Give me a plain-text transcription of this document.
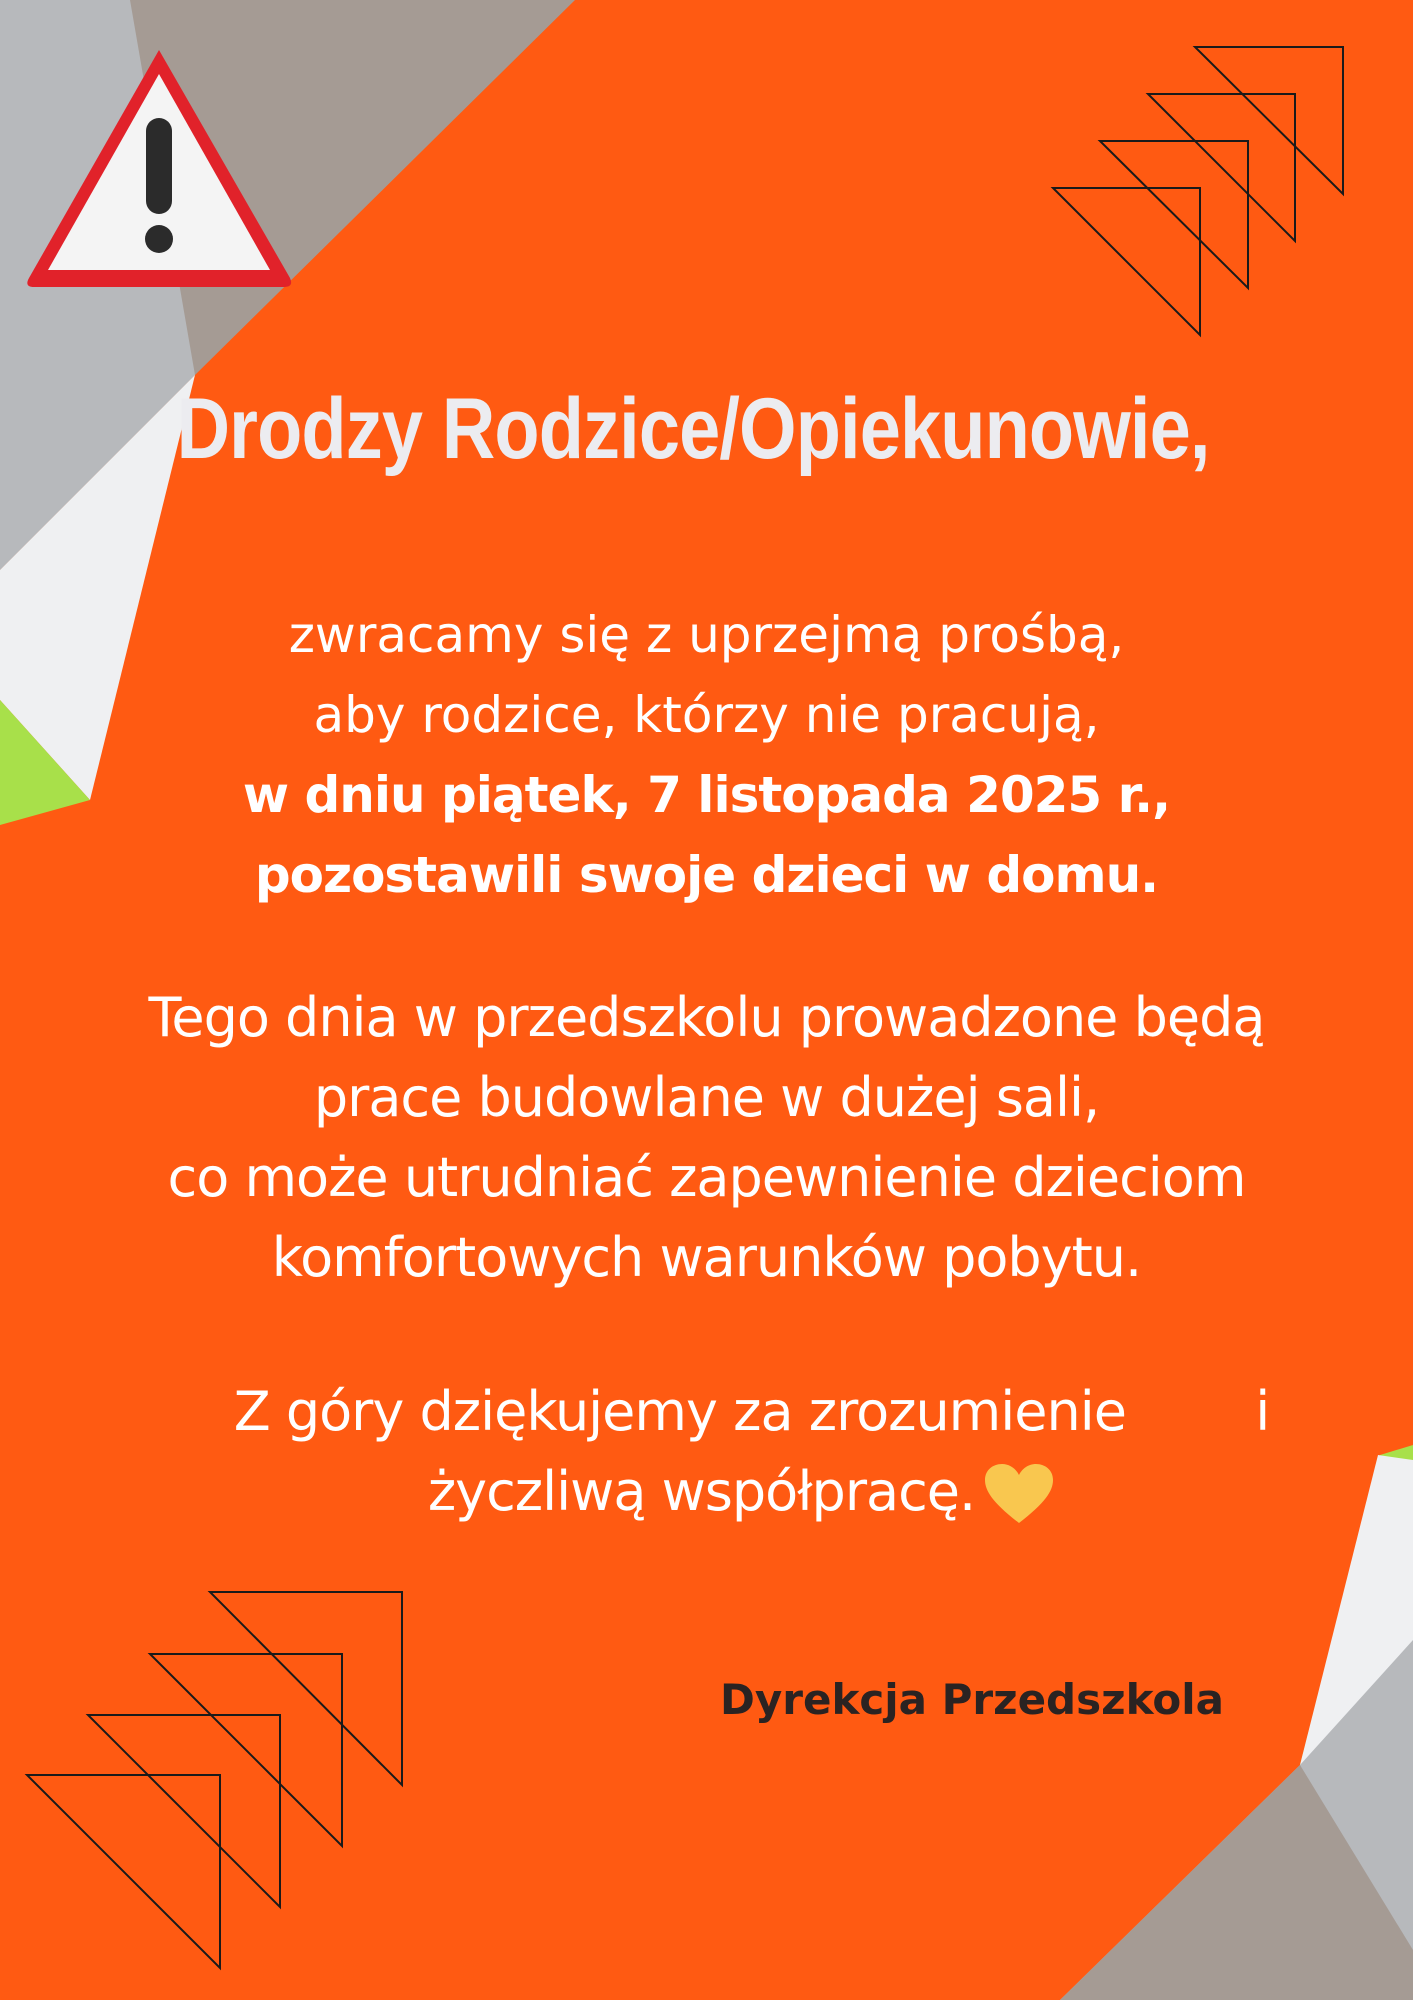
Drodzy Rodzice/Opiekunowie,
zwracamy się z uprzejmą prośbą,
aby rodzice, którzy nie pracują,
w dniu piątek, 7 listopada 2025 r.,
pozostawili swoje dzieci w domu.
Tego dnia w przedszkolu prowadzone będą
prace budowlane w dużej sali,
co może utrudniać zapewnienie dzieciom
komfortowych warunków pobytu.
Z góry dziękujemy za zrozumienie        i
życzliwą współpracę.
Dyrekcja Przedszkola
